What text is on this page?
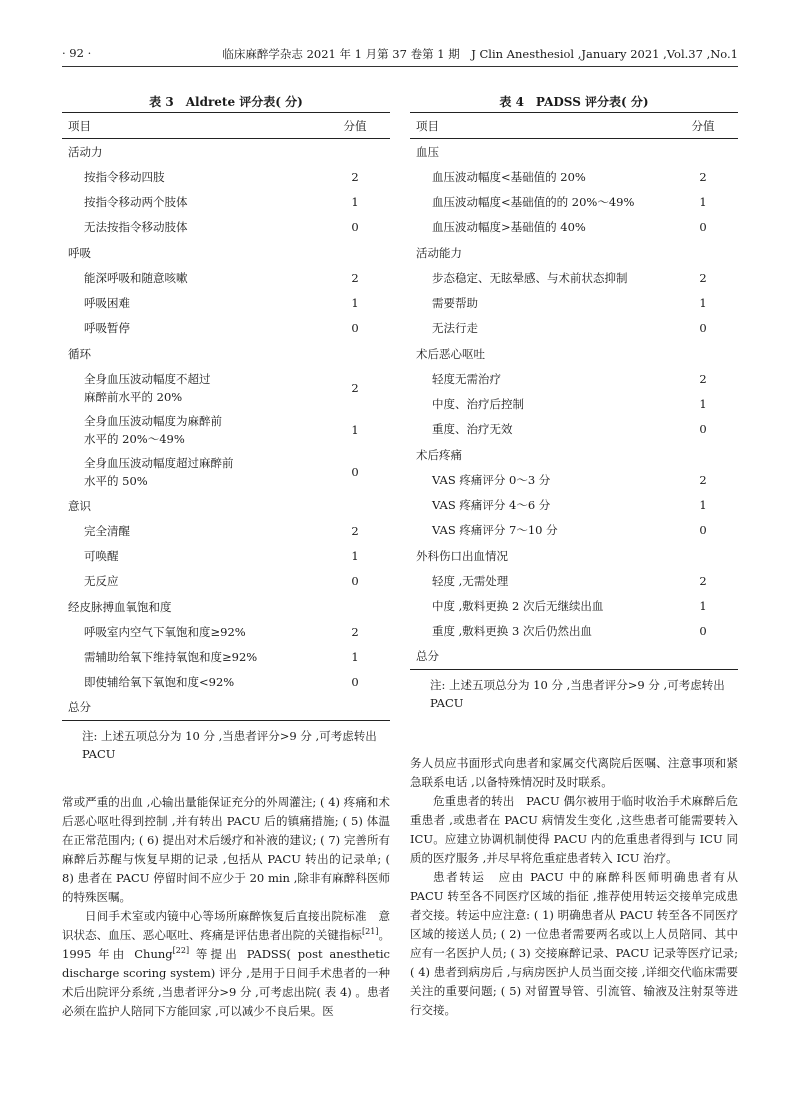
· 92 ·	临床麻醉学杂志 2021 年 1 月第 37 卷第 1 期　J Clin Anesthesiol ,January 2021 ,Vol.37 ,No.1
表 3　Aldrete 评分表( 分)
项目	分值
活动力	
按指令移动四肢	2
按指令移动两个肢体	1
无法按指令移动肢体	0
呼吸	
能深呼吸和随意咳嗽	2
呼吸困难	1
呼吸暂停	0
循环	
全身血压波动幅度不超过
麻醉前水平的 20%	2
全身血压波动幅度为麻醉前
水平的 20%～49%	1
全身血压波动幅度超过麻醉前
水平的 50%	0
意识	
完全清醒	2
可唤醒	1
无反应	0
经皮脉搏血氧饱和度	
呼吸室内空气下氧饱和度≥92%	2
需辅助给氧下维持氧饱和度≥92%	1
即使辅给氧下氧饱和度<92%	0
总分	
注: 上述五项总分为 10 分 ,当患者评分>9 分 ,可考虑转出 PACU

常或严重的出血 ,心输出量能保证充分的外周灌注; ( 4) 疼痛和术后恶心呕吐得到控制 ,并有转出 PACU 后的镇痛措施; ( 5) 体温在正常范围内; ( 6) 提出对术后缓疗和补液的建议; ( 7) 完善所有麻醉后苏醒与恢复早期的记录 ,包括从 PACU 转出的记录单; ( 8) 患者在 PACU 停留时间不应少于 20 min ,除非有麻醉科医师的特殊医嘱。

日间手术室或内镜中心等场所麻醉恢复后直接出院标准　意识状态、血压、恶心呕吐、疼痛是评估患者出院的关键指标[21]。1995 年由 Chung[22] 等提出 PADSS( post anesthetic discharge scoring system) 评分 ,是用于日间手术患者的一种术后出院评分系统 ,当患者评分>9 分 ,可考虑出院( 表 4) 。患者必须在监护人陪同下方能回家 ,可以减少不良后果。医

表 4　PADSS 评分表( 分)
项目	分值
血压	
血压波动幅度<基础值的 20%	2
血压波动幅度<基础值的的 20%～49%	1
血压波动幅度>基础值的 40%	0
活动能力	
步态稳定、无眩晕感、与术前状态抑制	2
需要帮助	1
无法行走	0
术后恶心呕吐	
轻度无需治疗	2
中度、治疗后控制	1
重度、治疗无效	0
术后疼痛	
VAS 疼痛评分 0～3 分	2
VAS 疼痛评分 4～6 分	1
VAS 疼痛评分 7～10 分	0
外科伤口出血情况	
轻度 ,无需处理	2
中度 ,敷料更换 2 次后无继续出血	1
重度 ,敷料更换 3 次后仍然出血	0
总分	
注: 上述五项总分为 10 分 ,当患者评分>9 分 ,可考虑转出 PACU

务人员应书面形式向患者和家属交代离院后医嘱、注意事项和紧急联系电话 ,以备特殊情况时及时联系。

危重患者的转出　PACU 偶尔被用于临时收治手术麻醉后危重患者 ,或患者在 PACU 病情发生变化 ,这些患者可能需要转入 ICU。应建立协调机制使得 PACU 内的危重患者得到与 ICU 同质的医疗服务 ,并尽早将危重症患者转入 ICU 治疗。

患者转运　应由 PACU 中的麻醉科医师明确患者有从 PACU 转至各不同医疗区域的指征 ,推荐使用转运交接单完成患者交接。转运中应注意: ( 1) 明确患者从 PACU 转至各不同医疗区域的接送人员; ( 2) 一位患者需要两名或以上人员陪同、其中应有一名医护人员; ( 3) 交接麻醉记录、PACU 记录等医疗记录; ( 4) 患者到病房后 ,与病房医护人员当面交接 ,详细交代临床需要关注的重要问题; ( 5) 对留置导管、引流管、输液及注射泵等进行交接。
